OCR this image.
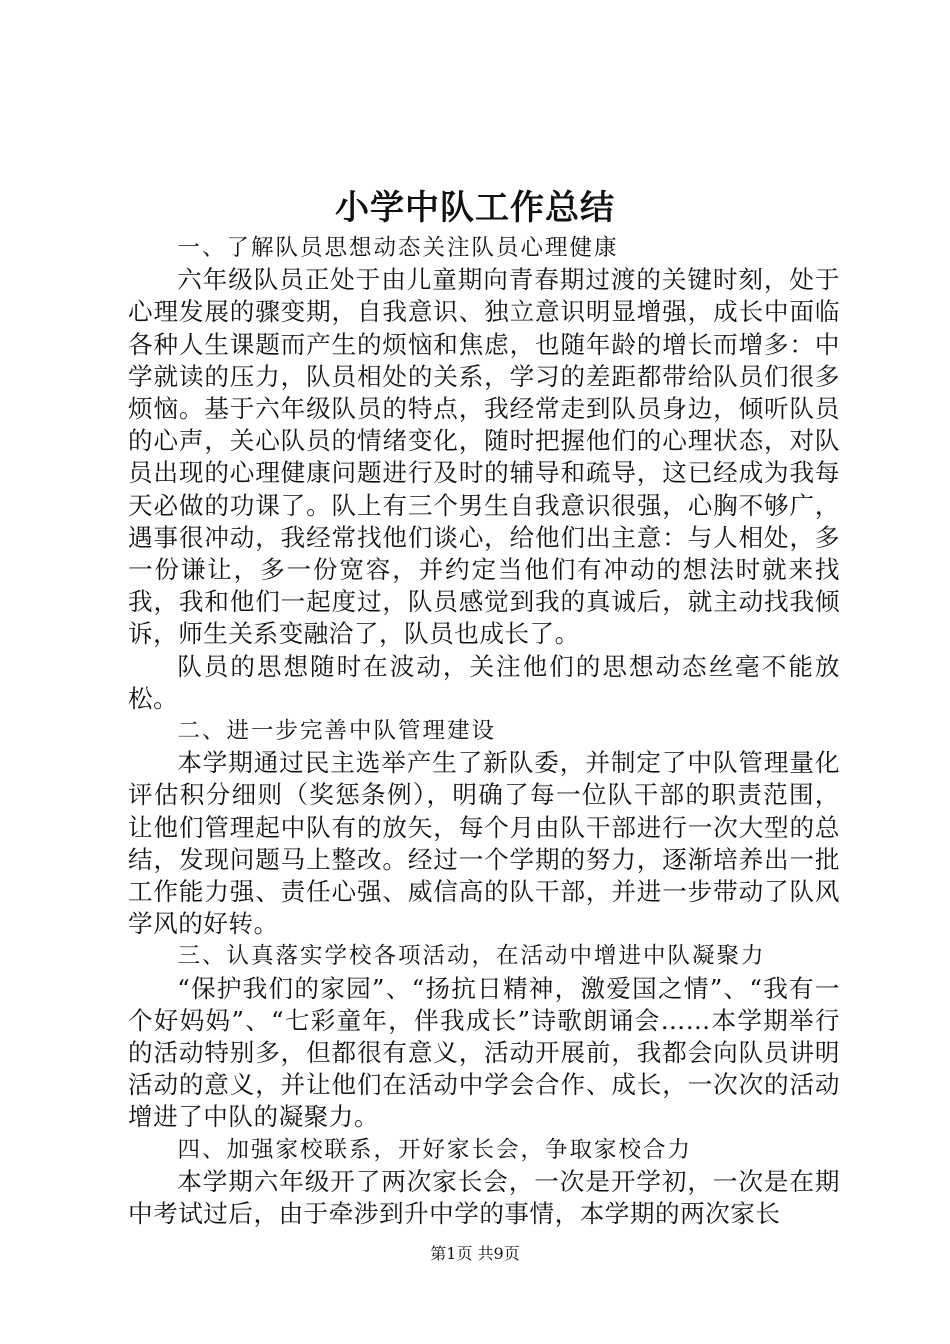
小学中队工作总结

一、了解队员思想动态关注队员心理健康

六年级队员正处于由儿童期向青春期过渡的关键时刻，处于心理发展的骤变期，自我意识、独立意识明显增强，成长中面临各种人生课题而产生的烦恼和焦虑，也随年龄的增长而增多：中学就读的压力，队员相处的关系，学习的差距都带给队员们很多烦恼。基于六年级队员的特点，我经常走到队员身边，倾听队员的心声，关心队员的情绪变化，随时把握他们的心理状态，对队员出现的心理健康问题进行及时的辅导和疏导，这已经成为我每天必做的功课了。队上有三个男生自我意识很强，心胸不够广，遇事很冲动，我经常找他们谈心，给他们出主意：与人相处，多一份谦让，多一份宽容，并约定当他们有冲动的想法时就来找我，我和他们一起度过，队员感觉到我的真诚后，就主动找我倾诉，师生关系变融洽了，队员也成长了。

队员的思想随时在波动，关注他们的思想动态丝毫不能放松。

二、进一步完善中队管理建设

本学期通过民主选举产生了新队委，并制定了中队管理量化评估积分细则（奖惩条例），明确了每一位队干部的职责范围，让他们管理起中队有的放矢，每个月由队干部进行一次大型的总结，发现问题马上整改。经过一个学期的努力，逐渐培养出一批工作能力强、责任心强、威信高的队干部，并进一步带动了队风学风的好转。

三、认真落实学校各项活动，在活动中增进中队凝聚力

“保护我们的家园”、“扬抗日精神，激爱国之情”、“我有一个好妈妈”、“七彩童年，伴我成长”诗歌朗诵会……本学期举行的活动特别多，但都很有意义，活动开展前，我都会向队员讲明活动的意义，并让他们在活动中学会合作、成长，一次次的活动增进了中队的凝聚力。

四、加强家校联系，开好家长会，争取家校合力

本学期六年级开了两次家长会，一次是开学初，一次是在期中考试过后，由于牵涉到升中学的事情，本学期的两次家长

第1页 共9页
